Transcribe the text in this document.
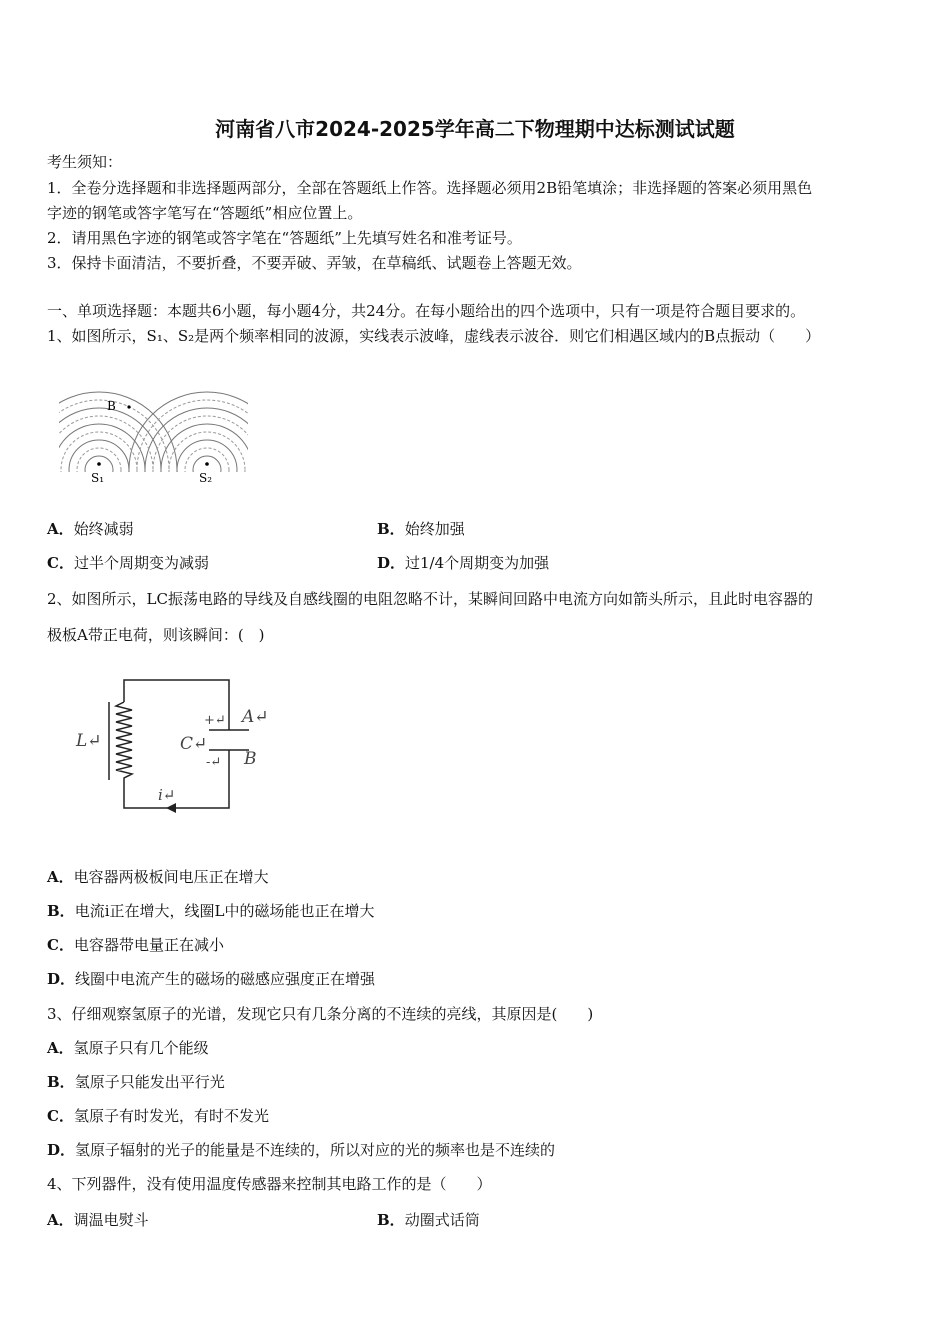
河南省八市2024-2025学年高二下物理期中达标测试试题
考生须知：
1．全卷分选择题和非选择题两部分，全部在答题纸上作答。选择题必须用2B铅笔填涂；非选择题的答案必须用黑色
字迹的钢笔或答字笔写在“答题纸”相应位置上。
2．请用黑色字迹的钢笔或答字笔在“答题纸”上先填写姓名和准考证号。
3．保持卡面清洁，不要折叠，不要弄破、弄皱，在草稿纸、试题卷上答题无效。
一、单项选择题：本题共6小题，每小题4分，共24分。在每小题给出的四个选项中，只有一项是符合题目要求的。
1、如图所示，S₁、S₂是两个频率相同的波源，实线表示波峰，虚线表示波谷．则它们相遇区域内的B点振动（　　）
B
S₁	S₂
A．始终减弱	B．始终加强
C．过半个周期变为减弱	D．过1/4个周期变为加强
2、如图所示，LC振荡电路的导线及自感线圈的电阻忽略不计，某瞬间回路中电流方向如箭头所示，且此时电容器的
极板A带正电荷，则该瞬间：(　)
L↵	C↵
+↵ A↵
-↵ B
i↵
A．电容器两极板间电压正在增大
B．电流i正在增大，线圈L中的磁场能也正在增大
C．电容器带电量正在减小
D．线圈中电流产生的磁场的磁感应强度正在增强
3、仔细观察氢原子的光谱，发现它只有几条分离的不连续的亮线，其原因是(　　)
A．氢原子只有几个能级
B．氢原子只能发出平行光
C．氢原子有时发光，有时不发光
D．氢原子辐射的光子的能量是不连续的，所以对应的光的频率也是不连续的
4、下列器件，没有使用温度传感器来控制其电路工作的是（　　）
A．调温电熨斗	B．动圈式话筒
